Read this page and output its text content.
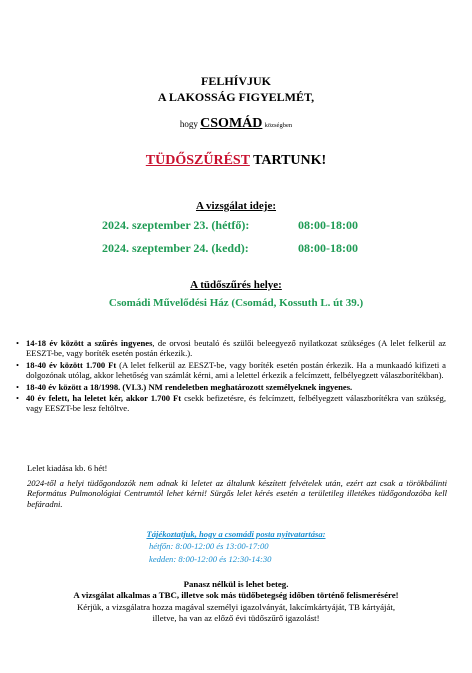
FELHÍVJUK
A LAKOSSÁG FIGYELMÉT,
hogy CSOMÁD községben
TÜDŐSZŰRÉST TARTUNK!
A vizsgálat ideje:
2024. szeptember 23. (hétfő):	08:00-18:00
2024. szeptember 24. (kedd):	08:00-18:00
A tüdőszűrés helye:
Csomádi Művelődési Ház (Csomád, Kossuth L. út 39.)
• 14-18 év között a szűrés ingyenes, de orvosi beutaló és szülői beleegyező nyilatkozat szükséges (A lelet felkerül az EESZT-be, vagy boríték esetén postán érkezik.).
• 18-40 év között 1.700 Ft (A lelet felkerül az EESZT-be, vagy boríték esetén postán érkezik. Ha a munkaadó kifizeti a dolgozónak utólag, akkor lehetőség van számlát kérni, ami a lelettel érkezik a felcímzett, felbélyegzett válaszborítékban).
• 18-40 év között a 18/1998. (VI.3.) NM rendeletben meghatározott személyeknek ingyenes.
• 40 év felett, ha leletet kér, akkor 1.700 Ft csekk befizetésre, és felcímzett, felbélyegzett válaszborítékra van szükség, vagy EESZT-be lesz feltöltve.
Lelet kiadása kb. 6 hét!
2024-től a helyi tüdőgondozók nem adnak ki leletet az általunk készített felvételek után, ezért azt csak a törökbálinti Református Pulmonológiai Centrumtól lehet kérni! Sürgős lelet kérés esetén a területileg illetékes tüdőgondozóba kell befáradni.
Tájékoztatjuk, hogy a csomádi posta nyitvatartása:
hétfőn: 8:00-12:00 és 13:00-17:00
kedden: 8:00-12:00 és 12:30-14:30
Panasz nélkül is lehet beteg.
A vizsgálat alkalmas a TBC, illetve sok más tüdőbetegség időben történő felismerésére!
Kérjük, a vizsgálatra hozza magával személyi igazolványát, lakcímkártyáját, TB kártyáját,
illetve, ha van az előző évi tüdőszűrő igazolást!
